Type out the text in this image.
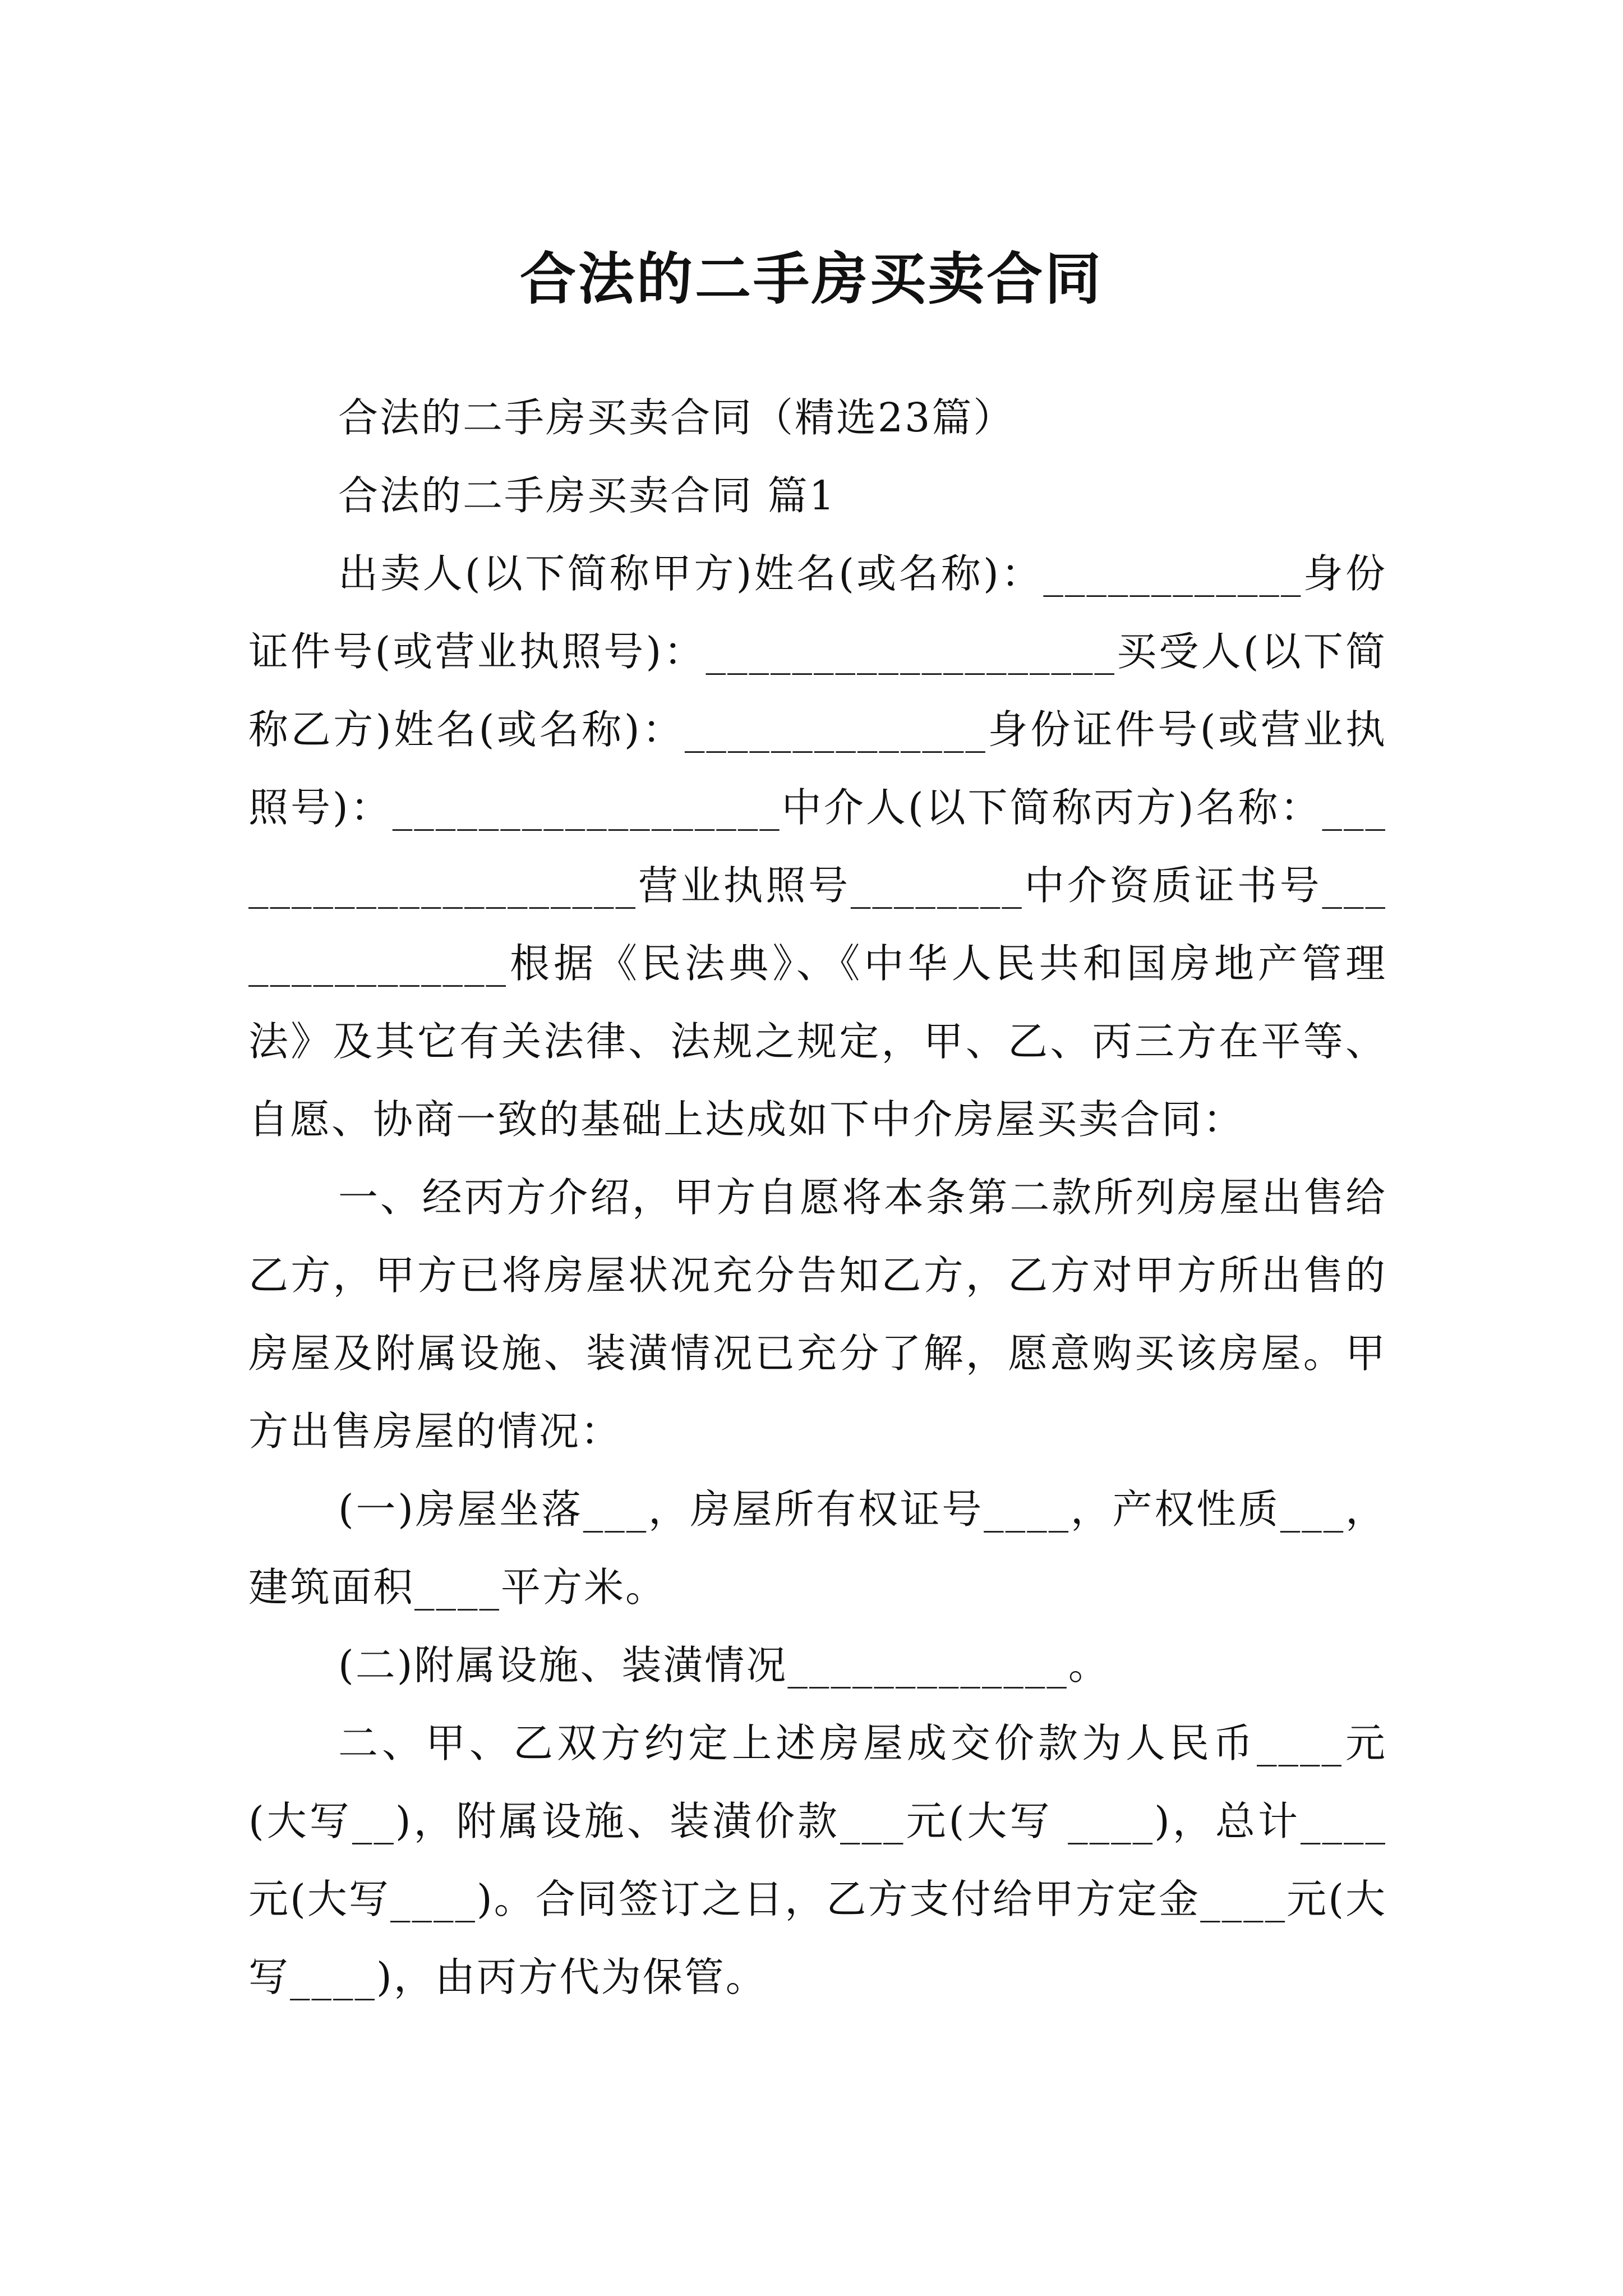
合法的二手房买卖合同

合法的二手房买卖合同（精选23篇）

合法的二手房买卖合同 篇1

出卖人(以下简称甲方)姓名(或名称)：____________身份证件号(或营业执照号)：___________________买受人(以下简称乙方)姓名(或名称)：______________身份证件号(或营业执照号)：__________________中介人(以下简称丙方)名称：_____________________营业执照号________中介资质证书号_______________根据《民法典》、《中华人民共和国房地产管理法》及其它有关法律、法规之规定，甲、乙、丙三方在平等、自愿、协商一致的基础上达成如下中介房屋买卖合同：

一、经丙方介绍，甲方自愿将本条第二款所列房屋出售给乙方，甲方已将房屋状况充分告知乙方，乙方对甲方所出售的房屋及附属设施、装潢情况已充分了解，愿意购买该房屋。甲方出售房屋的情况：

(一)房屋坐落___，房屋所有权证号____，产权性质___，建筑面积____平方米。

(二)附属设施、装潢情况_____________。

二、甲、乙双方约定上述房屋成交价款为人民币____元(大写__)，附属设施、装潢价款___元(大写 ____)，总计____元(大写____)。合同签订之日，乙方支付给甲方定金____元(大写____)，由丙方代为保管。
